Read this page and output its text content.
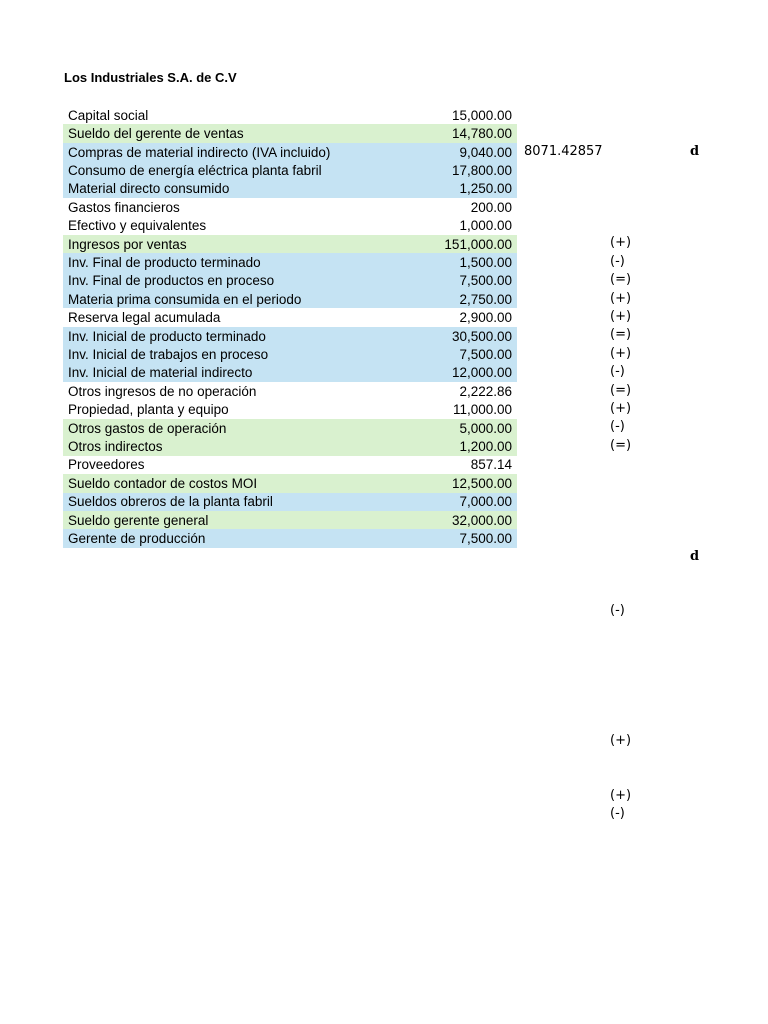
Los Industriales S.A. de C.V
Capital social	15,000.00
Sueldo del gerente de ventas	14,780.00
Compras de material indirecto (IVA incluido)	9,040.00
Consumo de energía eléctrica planta fabril	17,800.00
Material directo consumido	1,250.00
Gastos financieros	200.00
Efectivo y equivalentes	1,000.00
Ingresos por ventas	151,000.00
Inv. Final de producto terminado	1,500.00
Inv. Final de productos en proceso	7,500.00
Materia prima consumida en el periodo	2,750.00
Reserva legal acumulada	2,900.00
Inv. Inicial de producto terminado	30,500.00
Inv. Inicial de trabajos en proceso	7,500.00
Inv. Inicial de material indirecto	12,000.00
Otros ingresos de no operación	2,222.86
Propiedad, planta y equipo	11,000.00
Otros gastos de operación	5,000.00
Otros indirectos	1,200.00
Proveedores	857.14
Sueldo contador de costos MOI	12,500.00
Sueldos obreros de la planta fabril	7,000.00
Sueldo gerente general	32,000.00
Gerente de producción	7,500.00
8071.42857	d
d
(+)
(-)
(=)
(+)
(+)
(=)
(+)
(-)
(=)
(+)
(-)
(=)
(-)
(+)
(+)
(-)
